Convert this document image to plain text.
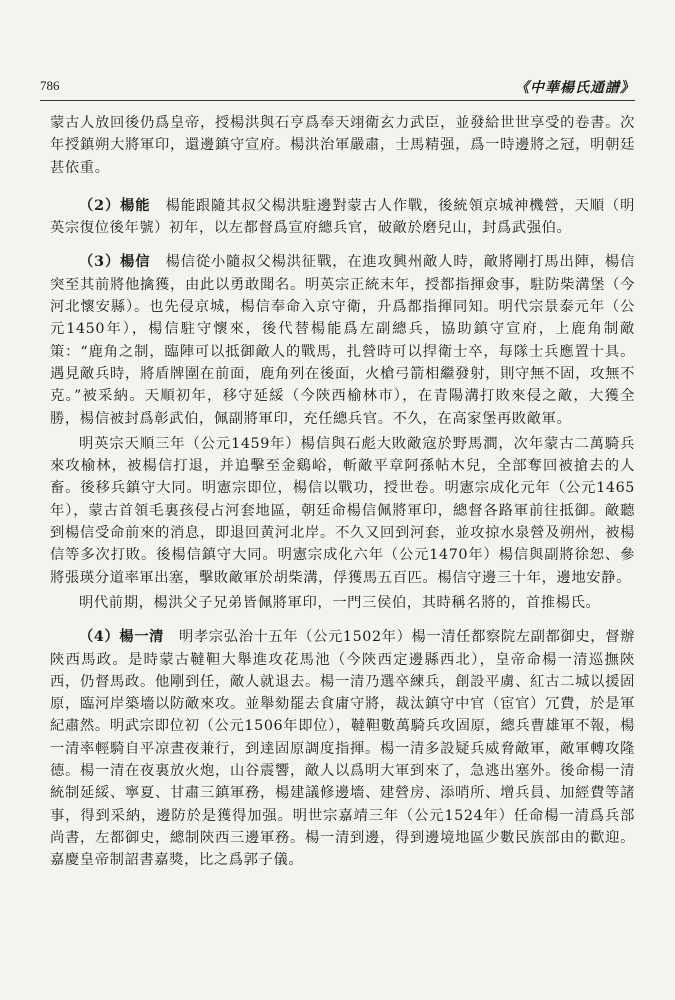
786	《中華楊氏通譜》

蒙古人放回後仍爲皇帝，授楊洪與石亨爲奉天翊衛玄力武臣，並發給世世享受的卷書。次年授鎮朔大將軍印，還邊鎮守宣府。楊洪治軍嚴肅，士馬精强，爲一時邊將之冠，明朝廷甚依重。

（2）楊能　 楊能跟隨其叔父楊洪駐邊對蒙古人作戰，後統領京城神機營，天順（明英宗復位後年號）初年，以左都督爲宣府總兵官，破敵於磨兒山，封爲武强伯。

（3）楊信　 楊信從小隨叔父楊洪征戰，在進攻興州敵人時，敵將剛打馬出陣，楊信突至其前將他擒獲，由此以勇敢聞名。明英宗正統末年，授都指揮僉事，駐防柴溝堡（今河北懷安縣）。也先侵京城，楊信奉命入京守衛，升爲都指揮同知。明代宗景泰元年（公元1450年），楊信駐守懷來，後代替楊能爲左副總兵，協助鎮守宣府，上鹿角制敵策：“鹿角之制，臨陣可以抵御敵人的戰馬，扎營時可以捍衛士卒，每隊士兵應置十具。遇見敵兵時，將盾牌圍在前面，鹿角列在後面，火槍弓箭相繼發射，則守無不固，攻無不克。”被采納。天順初年，移守延綏（今陝西榆林市），在青陽溝打敗來侵之敵，大獲全勝，楊信被封爲彰武伯，佩副將軍印，充任總兵官。不久，在高家堡再敗敵軍。

明英宗天順三年（公元1459年）楊信與石彪大敗敵寇於野馬澗，次年蒙古二萬騎兵來攻榆林，被楊信打退，并追擊至金鷄峪，斬敵平章阿孫帖木兒，全部奪回被搶去的人畜。後移兵鎮守大同。明憲宗即位，楊信以戰功，授世卷。明憲宗成化元年（公元1465年），蒙古首領毛裏孩侵占河套地區，朝廷命楊信佩將軍印，總督各路軍前往抵御。敵聽到楊信受命前來的消息，即退回黄河北岸。不久又回到河套，並攻掠水泉營及朔州，被楊信等多次打敗。後楊信鎮守大同。明憲宗成化六年（公元1470年）楊信與副將徐恕、參將張瑛分道率軍出塞，擊敗敵軍於胡柴溝，俘獲馬五百匹。楊信守邊三十年，邊地安静。

明代前期，楊洪父子兄弟皆佩將軍印，一門三侯伯，其時稱名將的，首推楊氏。

（4）楊一清　 明孝宗弘治十五年（公元1502年）楊一清任都察院左副都御史，督辦陝西馬政。是時蒙古韃靼大舉進攻花馬池（今陝西定邊縣西北），皇帝命楊一清巡撫陝西，仍督馬政。他剛到任，敵人就退去。楊一清乃選卒練兵，創設平虜、紅古二城以援固原，臨河岸築墻以防敵來攻。並舉劾罷去食庸守將，裁汰鎮守中官（宦官）冗費，於是軍紀肅然。明武宗即位初（公元1506年即位），韃靼數萬騎兵攻固原，總兵曹雄軍不報，楊一清率輕騎自平凉晝夜兼行，到達固原調度指揮。楊一清多設疑兵威脅敵軍，敵軍轉攻隆德。楊一清在夜裏放火炮，山谷震響，敵人以爲明大軍到來了，急逃出塞外。後命楊一清統制延綏、寧夏、甘肅三鎮軍務，楊建議修邊墻、建營房、添哨所、增兵員、加經費等諸事，得到采納，邊防於是獲得加强。明世宗嘉靖三年（公元1524年）任命楊一清爲兵部尚書，左都御史，總制陝西三邊軍務。楊一清到邊，得到邊境地區少數民族部由的歡迎。嘉慶皇帝制詔書嘉獎，比之爲郭子儀。
